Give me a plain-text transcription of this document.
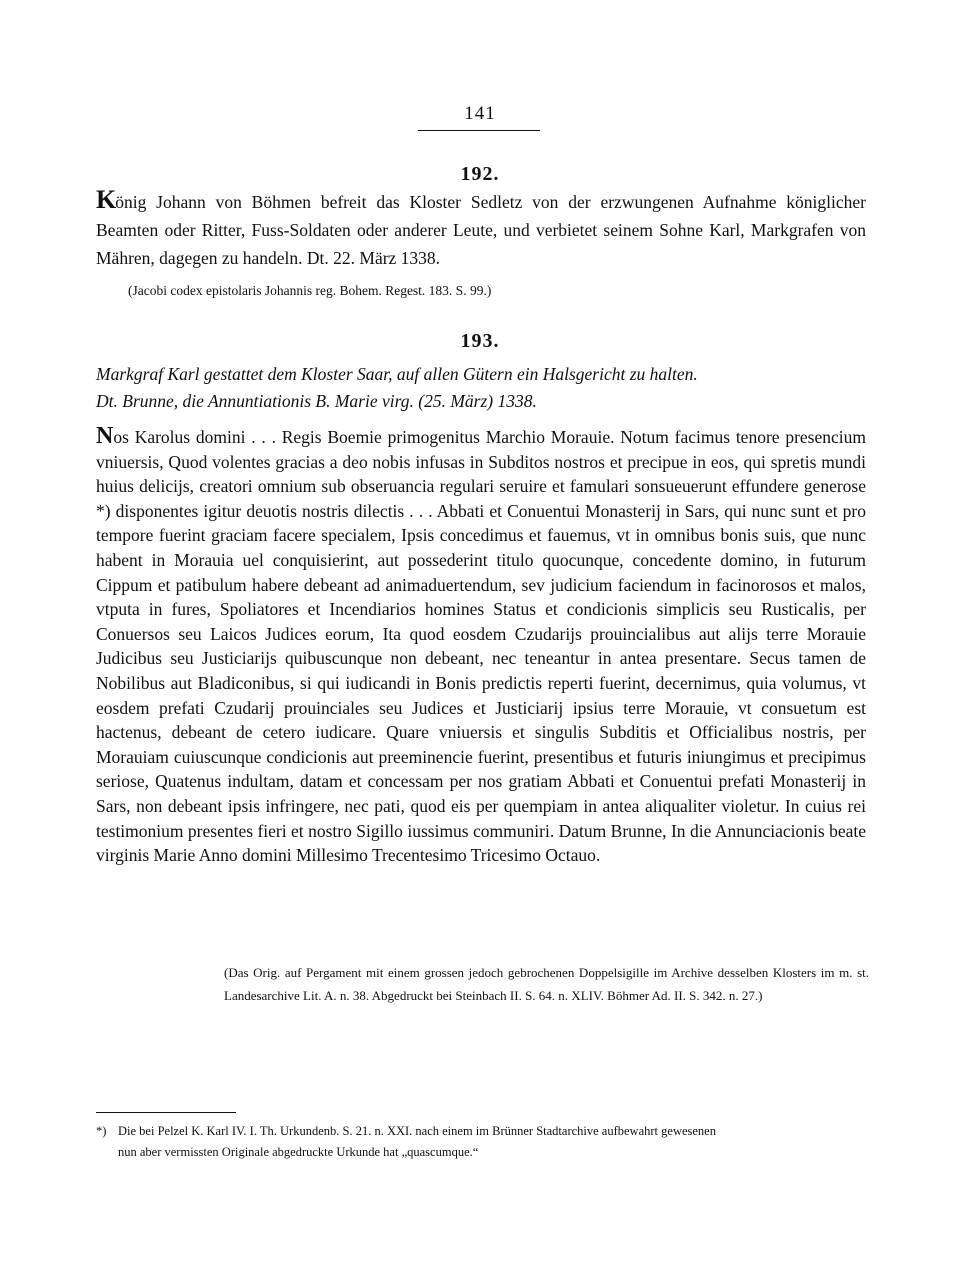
141
192.
König Johann von Böhmen befreit das Kloster Sedletz von der erzwungenen Aufnahme königlicher Beamten oder Ritter, Fuss-Soldaten oder anderer Leute, und verbietet seinem Sohne Karl, Markgrafen von Mähren, dagegen zu handeln. Dt. 22. März 1338.
(Jacobi codex epistolaris Johannis reg. Bohem. Regest. 183. S. 99.)
193.
Markgraf Karl gestattet dem Kloster Saar, auf allen Gütern ein Halsgericht zu halten.
Dt. Brunne, die Annuntiationis B. Marie virg. (25. März) 1338.
Nos Karolus domini . . . Regis Boemie primogenitus Marchio Morauie. Notum facimus tenore presencium vniuersis, Quod volentes gracias a deo nobis infusas in Subditos nostros et precipue in eos, qui spretis mundi huius delicijs, creatori omnium sub obseruancia regulari seruire et famulari sonsueuerunt effundere generose *) disponentes igitur deuotis nostris dilectis . . . Abbati et Conuentui Monasterij in Sars, qui nunc sunt et pro tempore fuerint graciam facere specialem, Ipsis concedimus et fauemus, vt in omnibus bonis suis, que nunc habent in Morauia uel conquisierint, aut possederint titulo quocunque, concedente domino, in futurum Cippum et patibulum habere debeant ad animaduertendum, sev judicium faciendum in facinorosos et malos, vtputa in fures, Spoliatores et Incendiarios homines Status et condicionis simplicis seu Rusticalis, per Conuersos seu Laicos Judices eorum, Ita quod eosdem Czudarijs prouincialibus aut alijs terre Morauie Judicibus seu Justiciarijs quibuscunque non debeant, nec teneantur in antea presentare. Secus tamen de Nobilibus aut Bladiconibus, si qui iudicandi in Bonis predictis reperti fuerint, decernimus, quia volumus, vt eosdem prefati Czudarij prouinciales seu Judices et Justiciarij ipsius terre Morauie, vt consuetum est hactenus, debeant de cetero iudicare. Quare vniuersis et singulis Subditis et Officialibus nostris, per Morauiam cuiuscunque condicionis aut preeminencie fuerint, presentibus et futuris iniungimus et precipimus seriose, Quatenus indultam, datam et concessam per nos gratiam Abbati et Conuentui prefati Monasterij in Sars, non debeant ipsis infringere, nec pati, quod eis per quempiam in antea aliqualiter violetur. In cuius rei testimonium presentes fieri et nostro Sigillo iussimus communiri. Datum Brunne, In die Annunciacionis beate virginis Marie Anno domini Millesimo Trecentesimo Tricesimo Octauo.
(Das Orig. auf Pergament mit einem grossen jedoch gebrochenen Doppelsigille im Archive desselben Klosters im m. st. Landesarchive Lit. A. n. 38. Abgedruckt bei Steinbach II. S. 64. n. XLIV. Böhmer Ad. II. S. 342. n. 27.)
*) Die bei Pelzel K. Karl IV. I. Th. Urkundenb. S. 21. n. XXI. nach einem im Brünner Stadtarchive aufbewahrt gewesenen
nun aber vermissten Originale abgedruckte Urkunde hat „quascumque.“
